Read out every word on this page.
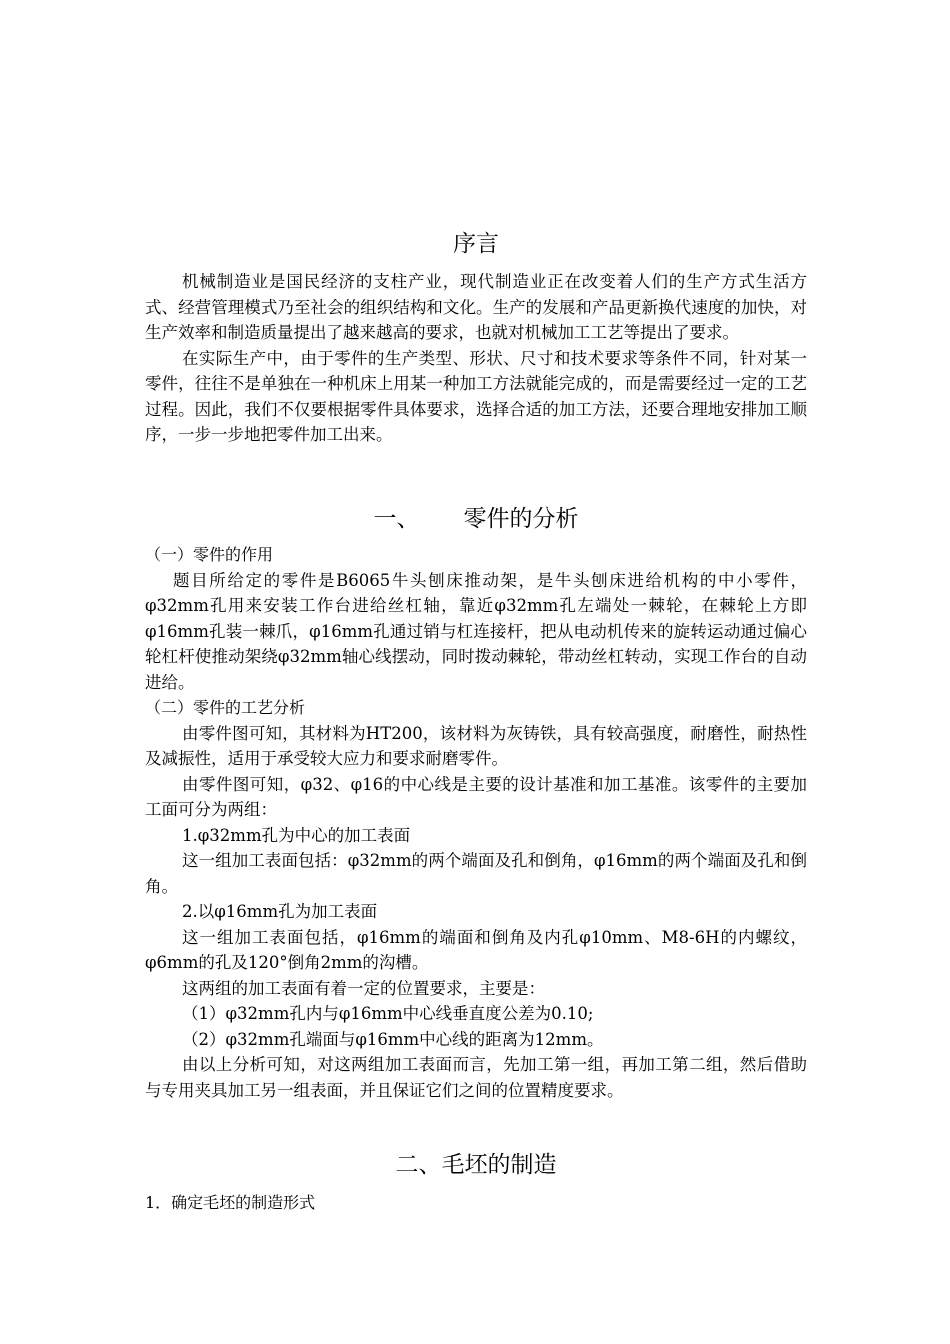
序言

机械制造业是国民经济的支柱产业，现代制造业正在改变着人们的生产方式生活方式、经营管理模式乃至社会的组织结构和文化。生产的发展和产品更新换代速度的加快，对生产效率和制造质量提出了越来越高的要求，也就对机械加工工艺等提出了要求。

在实际生产中，由于零件的生产类型、形状、尺寸和技术要求等条件不同，针对某一零件，往往不是单独在一种机床上用某一种加工方法就能完成的，而是需要经过一定的工艺过程。因此，我们不仅要根据零件具体要求，选择合适的加工方法，还要合理地安排加工顺序，一步一步地把零件加工出来。

一、 零件的分析

（一）零件的作用

题目所给定的零件是B6065牛头刨床推动架，是牛头刨床进给机构的中小零件，φ32mm孔用来安装工作台进给丝杠轴，靠近φ32mm孔左端处一棘轮，在棘轮上方即φ16mm孔装一棘爪，φ16mm孔通过销与杠连接杆，把从电动机传来的旋转运动通过偏心轮杠杆使推动架绕φ32mm轴心线摆动，同时拨动棘轮，带动丝杠转动，实现工作台的自动进给。

（二）零件的工艺分析

由零件图可知，其材料为HT200，该材料为灰铸铁，具有较高强度，耐磨性，耐热性及减振性，适用于承受较大应力和要求耐磨零件。

由零件图可知，φ32、φ16的中心线是主要的设计基准和加工基准。该零件的主要加工面可分为两组：

1.φ32mm孔为中心的加工表面

这一组加工表面包括：φ32mm的两个端面及孔和倒角，φ16mm的两个端面及孔和倒角。

2.以φ16mm孔为加工表面

这一组加工表面包括，φ16mm的端面和倒角及内孔φ10mm、M8-6H的内螺纹，φ6mm的孔及120°倒角2mm的沟槽。

这两组的加工表面有着一定的位置要求，主要是：

（1）φ32mm孔内与φ16mm中心线垂直度公差为0.10;

（2）φ32mm孔端面与φ16mm中心线的距离为12mm。

由以上分析可知，对这两组加工表面而言，先加工第一组，再加工第二组，然后借助与专用夹具加工另一组表面，并且保证它们之间的位置精度要求。

二、毛坯的制造

1．确定毛坯的制造形式
